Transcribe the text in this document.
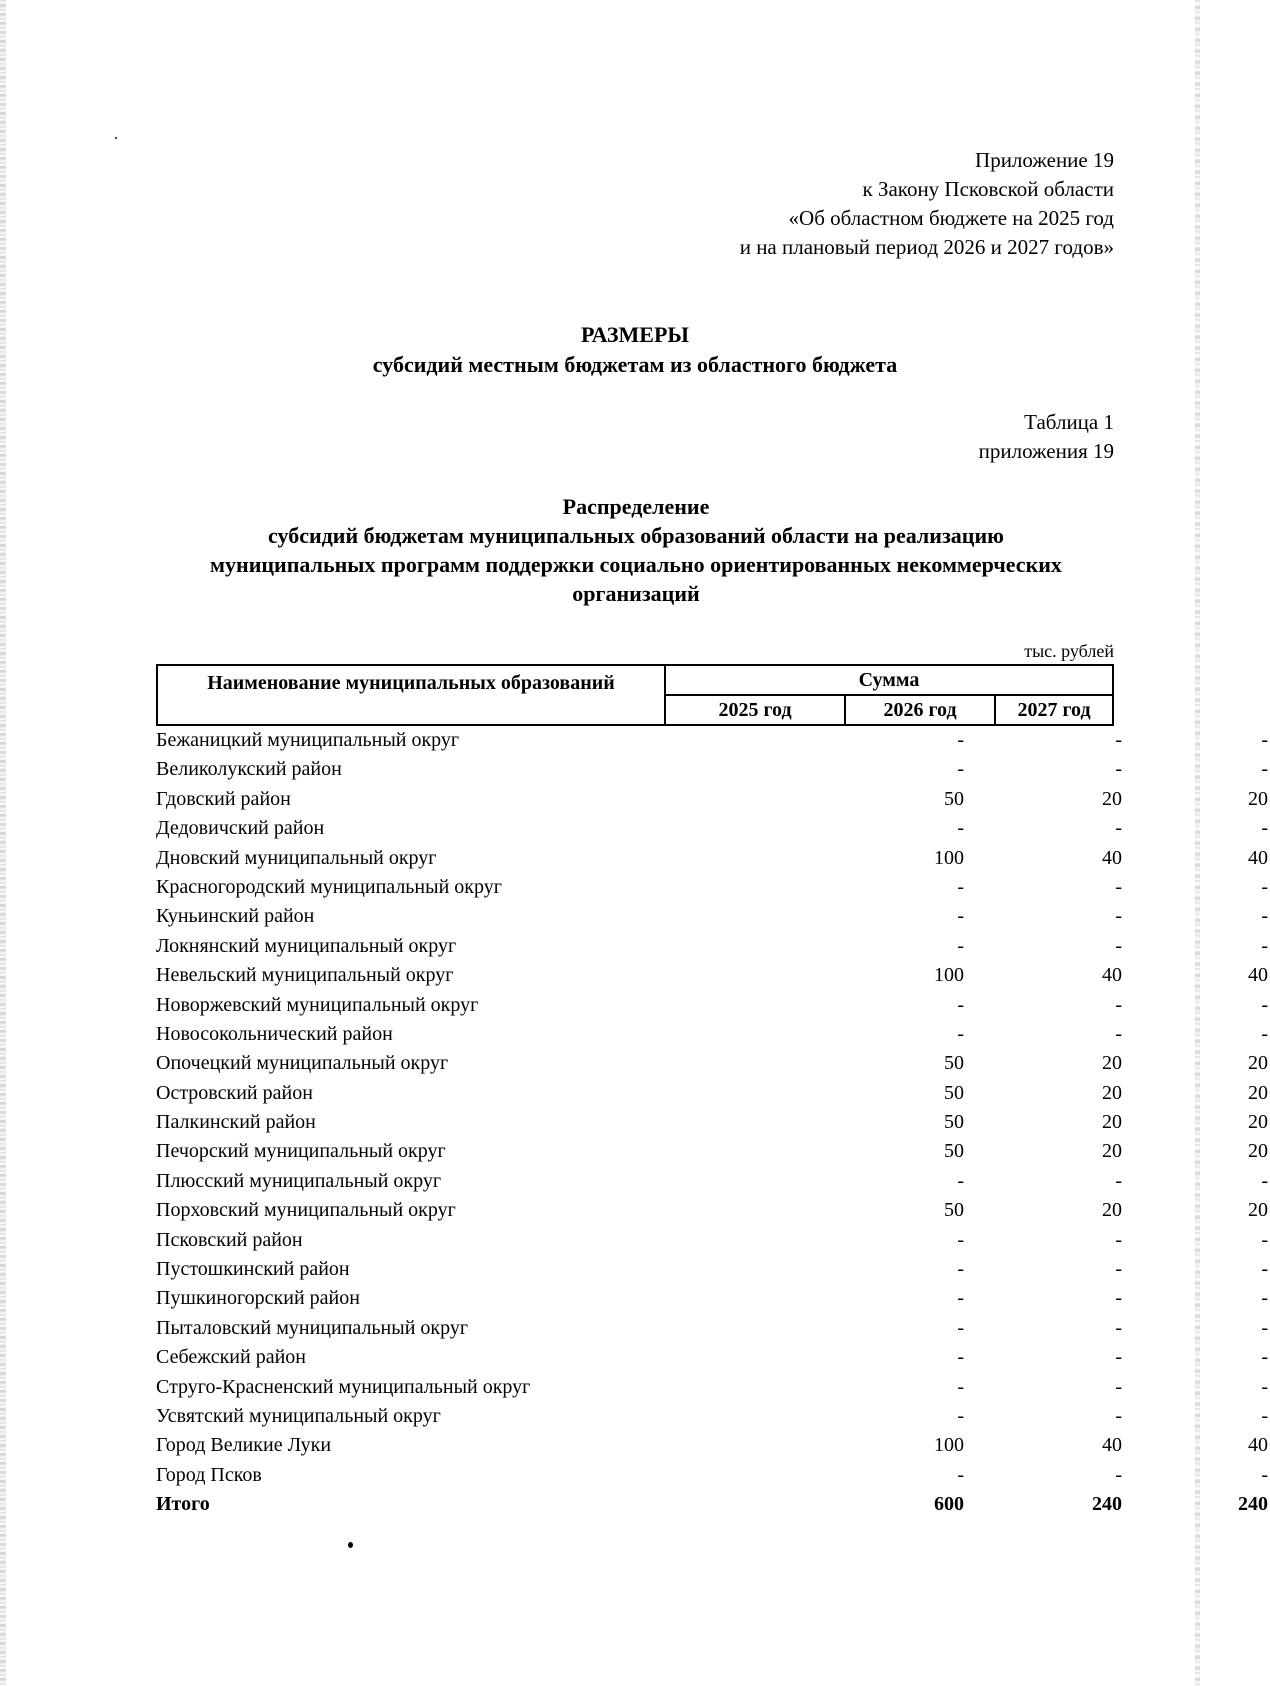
Приложение 19
к Закону Псковской области
«Об областном бюджете на 2025 год
и на плановый период 2026 и 2027 годов»
РАЗМЕРЫ
субсидий местным бюджетам из областного бюджета
Таблица 1
приложения 19
Распределение
субсидий бюджетам муниципальных образований области на реализацию
муниципальных программ поддержки социально ориентированных некоммерческих
организаций
тыс. рублей
Наименование муниципальных образований	Сумма
2025 год	2026 год	2027 год
Бежаницкий муниципальный округ	-	-	-
Великолукский район	-	-	-
Гдовский район	50	20	20
Дедовичский район	-	-	-
Дновский муниципальный округ	100	40	40
Красногородский муниципальный округ	-	-	-
Куньинский район	-	-	-
Локнянский муниципальный округ	-	-	-
Невельский муниципальный округ	100	40	40
Новоржевский муниципальный округ	-	-	-
Новосокольнический район	-	-	-
Опочецкий муниципальный округ	50	20	20
Островский район	50	20	20
Палкинский район	50	20	20
Печорский муниципальный округ	50	20	20
Плюсский муниципальный округ	-	-	-
Порховский муниципальный округ	50	20	20
Псковский район	-	-	-
Пустошкинский район	-	-	-
Пушкиногорский район	-	-	-
Пыталовский муниципальный округ	-	-	-
Себежский район	-	-	-
Струго-Красненский муниципальный округ	-	-	-
Усвятский муниципальный округ	-	-	-
Город Великие Луки	100	40	40
Город Псков	-	-	-
Итого	600	240	240
